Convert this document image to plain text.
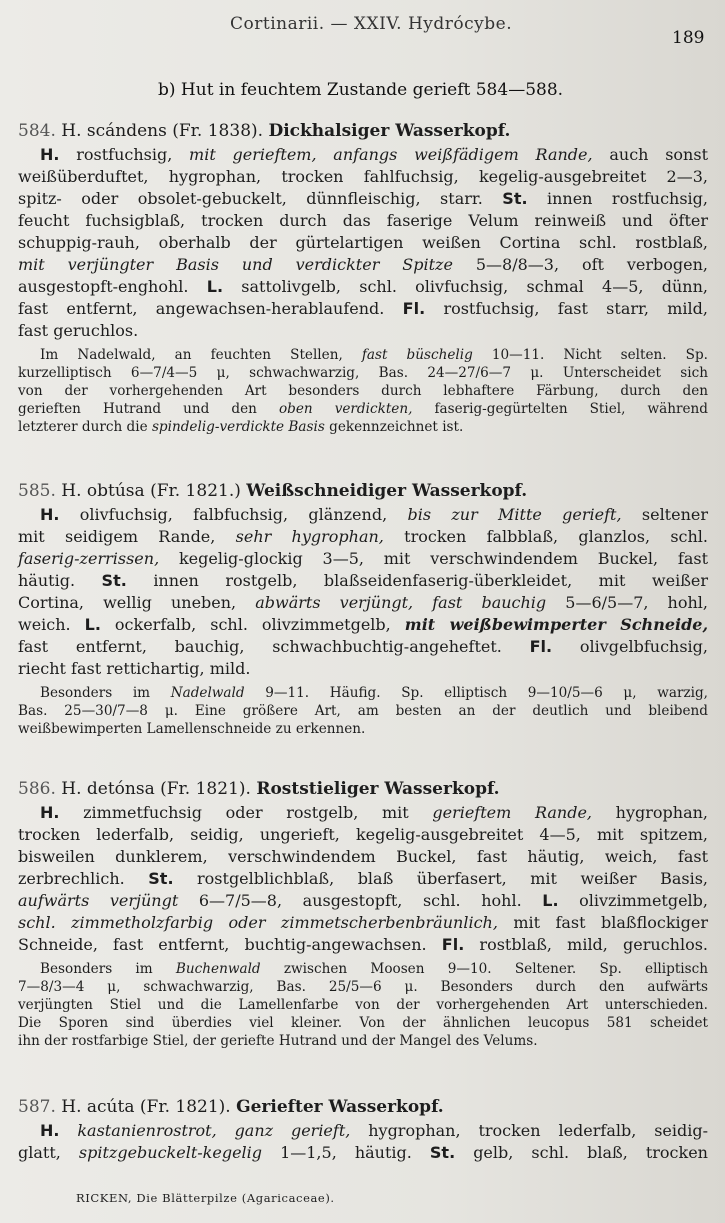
Cortinarii. — XXIV. Hydrócybe.
189
b) Hut in feuchtem Zustande gerieft 584—588.
584. H. scándens (Fr. 1838). Dickhalsiger Wasserkopf.
H. rostfuchsig, mit gerieftem, anfangs weißfädigem Rande, auch sonst
weißüberduftet, hygrophan, trocken fahlfuchsig, kegelig-ausgebreitet 2—3,
spitz- oder obsolet-gebuckelt, dünnfleischig, starr. St. innen rostfuchsig,
feucht fuchsigblaß, trocken durch das faserige Velum reinweiß und öfter
schuppig-rauh, oberhalb der gürtelartigen weißen Cortina schl. rostblaß,
mit verjüngter Basis und verdickter Spitze 5—8/8—3, oft verbogen,
ausgestopft-enghohl. L. sattolivgelb, schl. olivfuchsig, schmal 4—5, dünn,
fast entfernt, angewachsen-herablaufend. Fl. rostfuchsig, fast starr, mild,
fast geruchlos.
Im Nadelwald, an feuchten Stellen, fast büschelig 10—11. Nicht selten. Sp.
kurzelliptisch 6—7/4—5 μ, schwachwarzig, Bas. 24—27/6—7 μ. Unterscheidet sich
von der vorhergehenden Art besonders durch lebhaftere Färbung, durch den
gerieften Hutrand und den oben verdickten, faserig-gegürtelten Stiel, während
letzterer durch die spindelig-verdickte Basis gekennzeichnet ist.
585. H. obtúsa (Fr. 1821.) Weißschneidiger Wasserkopf.
H. olivfuchsig, falbfuchsig, glänzend, bis zur Mitte gerieft, seltener
mit seidigem Rande, sehr hygrophan, trocken falbblaß, glanzlos, schl.
faserig-zerrissen, kegelig-glockig 3—5, mit verschwindendem Buckel, fast
häutig. St. innen rostgelb, blaßseidenfaserig-überkleidet, mit weißer
Cortina, wellig uneben, abwärts verjüngt, fast bauchig 5—6/5—7, hohl,
weich. L. ockerfalb, schl. olivzimmetgelb, mit weißbewimperter Schneide,
fast entfernt, bauchig, schwachbuchtig-angeheftet. Fl. olivgelbfuchsig,
riecht fast rettichartig, mild.
Besonders im Nadelwald 9—11. Häufig. Sp. elliptisch 9—10/5—6 μ, warzig,
Bas. 25—30/7—8 μ. Eine größere Art, am besten an der deutlich und bleibend
weißbewimperten Lamellenschneide zu erkennen.
586. H. detónsa (Fr. 1821). Roststieliger Wasserkopf.
H. zimmetfuchsig oder rostgelb, mit gerieftem Rande, hygrophan,
trocken lederfalb, seidig, ungerieft, kegelig-ausgebreitet 4—5, mit spitzem,
bisweilen dunklerem, verschwindendem Buckel, fast häutig, weich, fast
zerbrechlich. St. rostgelblichblaß, blaß überfasert, mit weißer Basis,
aufwärts verjüngt 6—7/5—8, ausgestopft, schl. hohl. L. olivzimmetgelb,
schl. zimmetholzfarbig oder zimmetscherbenbräunlich, mit fast blaßflockiger
Schneide, fast entfernt, buchtig-angewachsen. Fl. rostblaß, mild, geruchlos.
Besonders im Buchenwald zwischen Moosen 9—10. Seltener. Sp. elliptisch
7—8/3—4 μ, schwachwarzig, Bas. 25/5—6 μ. Besonders durch den aufwärts
verjüngten Stiel und die Lamellenfarbe von der vorhergehenden Art unterschieden.
Die Sporen sind überdies viel kleiner. Von der ähnlichen leucopus 581 scheidet
ihn der rostfarbige Stiel, der geriefte Hutrand und der Mangel des Velums.
587. H. acúta (Fr. 1821). Geriefter Wasserkopf.
H. kastanienrostrot, ganz gerieft, hygrophan, trocken lederfalb, seidig-
glatt, spitzgebuckelt-kegelig 1—1,5, häutig. St. gelb, schl. blaß, trocken
RICKEN, Die Blätterpilze (Agaricaceae).
